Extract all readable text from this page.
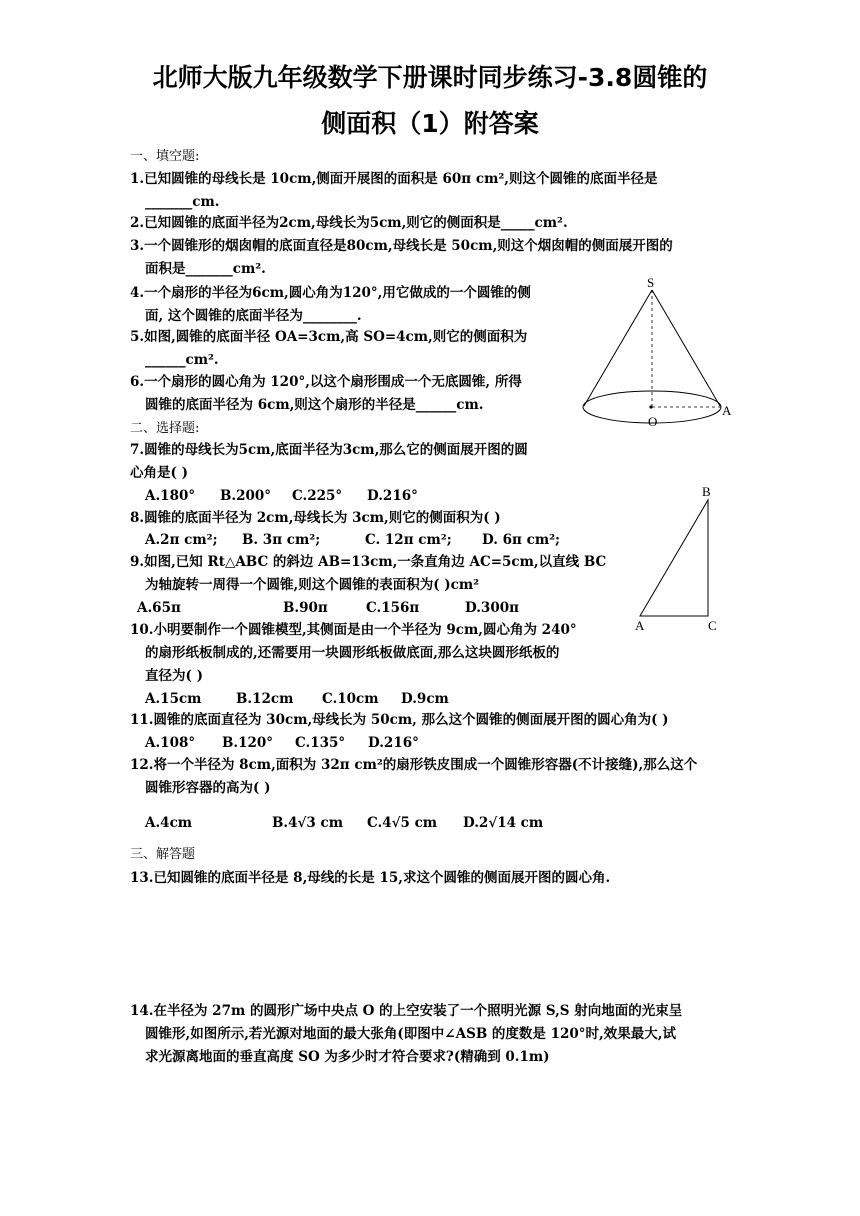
北师大版九年级数学下册课时同步练习-3.8圆锥的
侧面积（1）附答案
一、填空题:
1.已知圆锥的母线长是 10cm,侧面开展图的面积是 60π cm²,则这个圆锥的底面半径是
_______cm.
2.已知圆锥的底面半径为2cm,母线长为5cm,则它的侧面积是_____cm².
3.一个圆锥形的烟囱帽的底面直径是80cm,母线长是 50cm,则这个烟囱帽的侧面展开图的
面积是_______cm².
4.一个扇形的半径为6cm,圆心角为120°,用它做成的一个圆锥的侧
面, 这个圆锥的底面半径为________.
5.如图,圆锥的底面半径 OA=3cm,高 SO=4cm,则它的侧面积为
______cm².
6.一个扇形的圆心角为 120°,以这个扇形围成一个无底圆锥, 所得
圆锥的底面半径为 6cm,则这个扇形的半径是______cm.
S
O
A
二、选择题:
7.圆锥的母线长为5cm,底面半径为3cm,那么它的侧面展开图的圆
心角是( )
A.180° B.200° C.225° D.216°
8.圆锥的底面半径为 2cm,母线长为 3cm,则它的侧面积为( )
A.2π cm²; B. 3π cm²;	C. 12π cm²; D. 6π cm²;
9.如图,已知 Rt△ABC 的斜边 AB=13cm,一条直角边 AC=5cm,以直线 BC
为轴旋转一周得一个圆锥,则这个圆锥的表面积为( )cm²
A.65π	B.90π	C.156π	D.300π
B
A	C
10.小明要制作一个圆锥模型,其侧面是由一个半径为 9cm,圆心角为 240°
的扇形纸板制成的,还需要用一块圆形纸板做底面,那么这块圆形纸板的
直径为( )
A.15cm	B.12cm C.10cm D.9cm
11.圆锥的底面直径为 30cm,母线长为 50cm, 那么这个圆锥的侧面展开图的圆心角为( )
A.108° B.120° C.135° D.216°
12.将一个半径为 8cm,面积为 32π cm²的扇形铁皮围成一个圆锥形容器(不计接缝),那么这个
圆锥形容器的高为( )
A.4cm	B.4√3 cm C.4√5 cm D.2√14 cm
三、解答题
13.已知圆锥的底面半径是 8,母线的长是 15,求这个圆锥的侧面展开图的圆心角.
14.在半径为 27m 的圆形广场中央点 O 的上空安装了一个照明光源 S,S 射向地面的光束呈
圆锥形,如图所示,若光源对地面的最大张角(即图中∠ASB 的度数是 120°时,效果最大,试
求光源离地面的垂直高度 SO 为多少时才符合要求?(精确到 0.1m)
